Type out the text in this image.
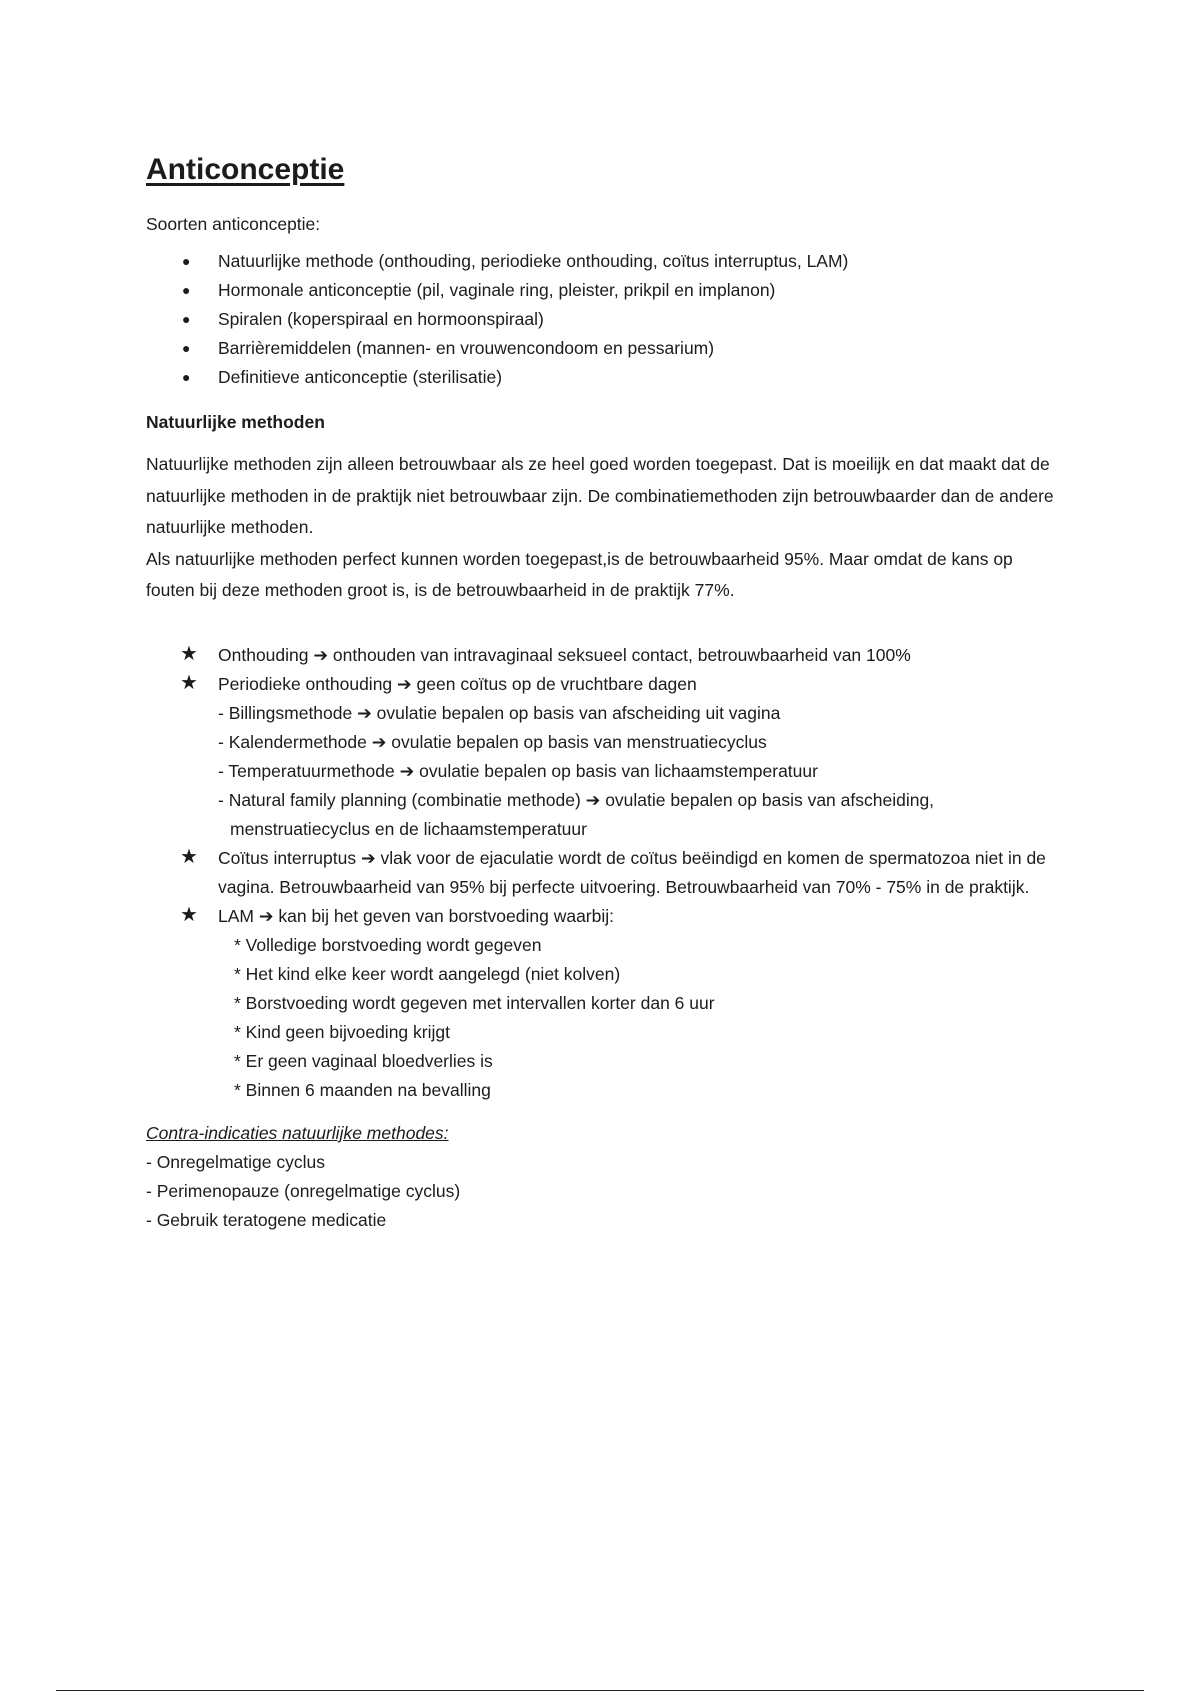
Anticonceptie

Soorten anticonceptie:

● Natuurlijke methode (onthouding, periodieke onthouding, coïtus interruptus, LAM)
● Hormonale anticonceptie (pil, vaginale ring, pleister, prikpil en implanon)
● Spiralen (koperspiraal en hormoonspiraal)
● Barrièremiddelen (mannen- en vrouwencondoom en pessarium)
● Definitieve anticonceptie (sterilisatie)

Natuurlijke methoden

Natuurlijke methoden zijn alleen betrouwbaar als ze heel goed worden toegepast. Dat is moeilijk en dat maakt dat de natuurlijke methoden in de praktijk niet betrouwbaar zijn. De combinatiemethoden zijn betrouwbaarder dan de andere natuurlijke methoden.

Als natuurlijke methoden perfect kunnen worden toegepast,is de betrouwbaarheid 95%. Maar omdat de kans op fouten bij deze methoden groot is, is de betrouwbaarheid in de praktijk 77%.

★ Onthouding ➔ onthouden van intravaginaal seksueel contact, betrouwbaarheid van 100%
★ Periodieke onthouding ➔ geen coïtus op de vruchtbare dagen
- Billingsmethode ➔ ovulatie bepalen op basis van afscheiding uit vagina
- Kalendermethode ➔ ovulatie bepalen op basis van menstruatiecyclus
- Temperatuurmethode ➔ ovulatie bepalen op basis van lichaamstemperatuur
- Natural family planning (combinatie methode) ➔ ovulatie bepalen op basis van afscheiding, menstruatiecyclus en de lichaamstemperatuur
★ Coïtus interruptus ➔ vlak voor de ejaculatie wordt de coïtus beëindigd en komen de spermatozoa niet in de vagina. Betrouwbaarheid van 95% bij perfecte uitvoering. Betrouwbaarheid van 70% - 75% in de praktijk.
★ LAM ➔ kan bij het geven van borstvoeding waarbij:
* Volledige borstvoeding wordt gegeven
* Het kind elke keer wordt aangelegd (niet kolven)
* Borstvoeding wordt gegeven met intervallen korter dan 6 uur
* Kind geen bijvoeding krijgt
* Er geen vaginaal bloedverlies is
* Binnen 6 maanden na bevalling

Contra-indicaties natuurlijke methodes:

- Onregelmatige cyclus

- Perimenopauze (onregelmatige cyclus)

- Gebruik teratogene medicatie
